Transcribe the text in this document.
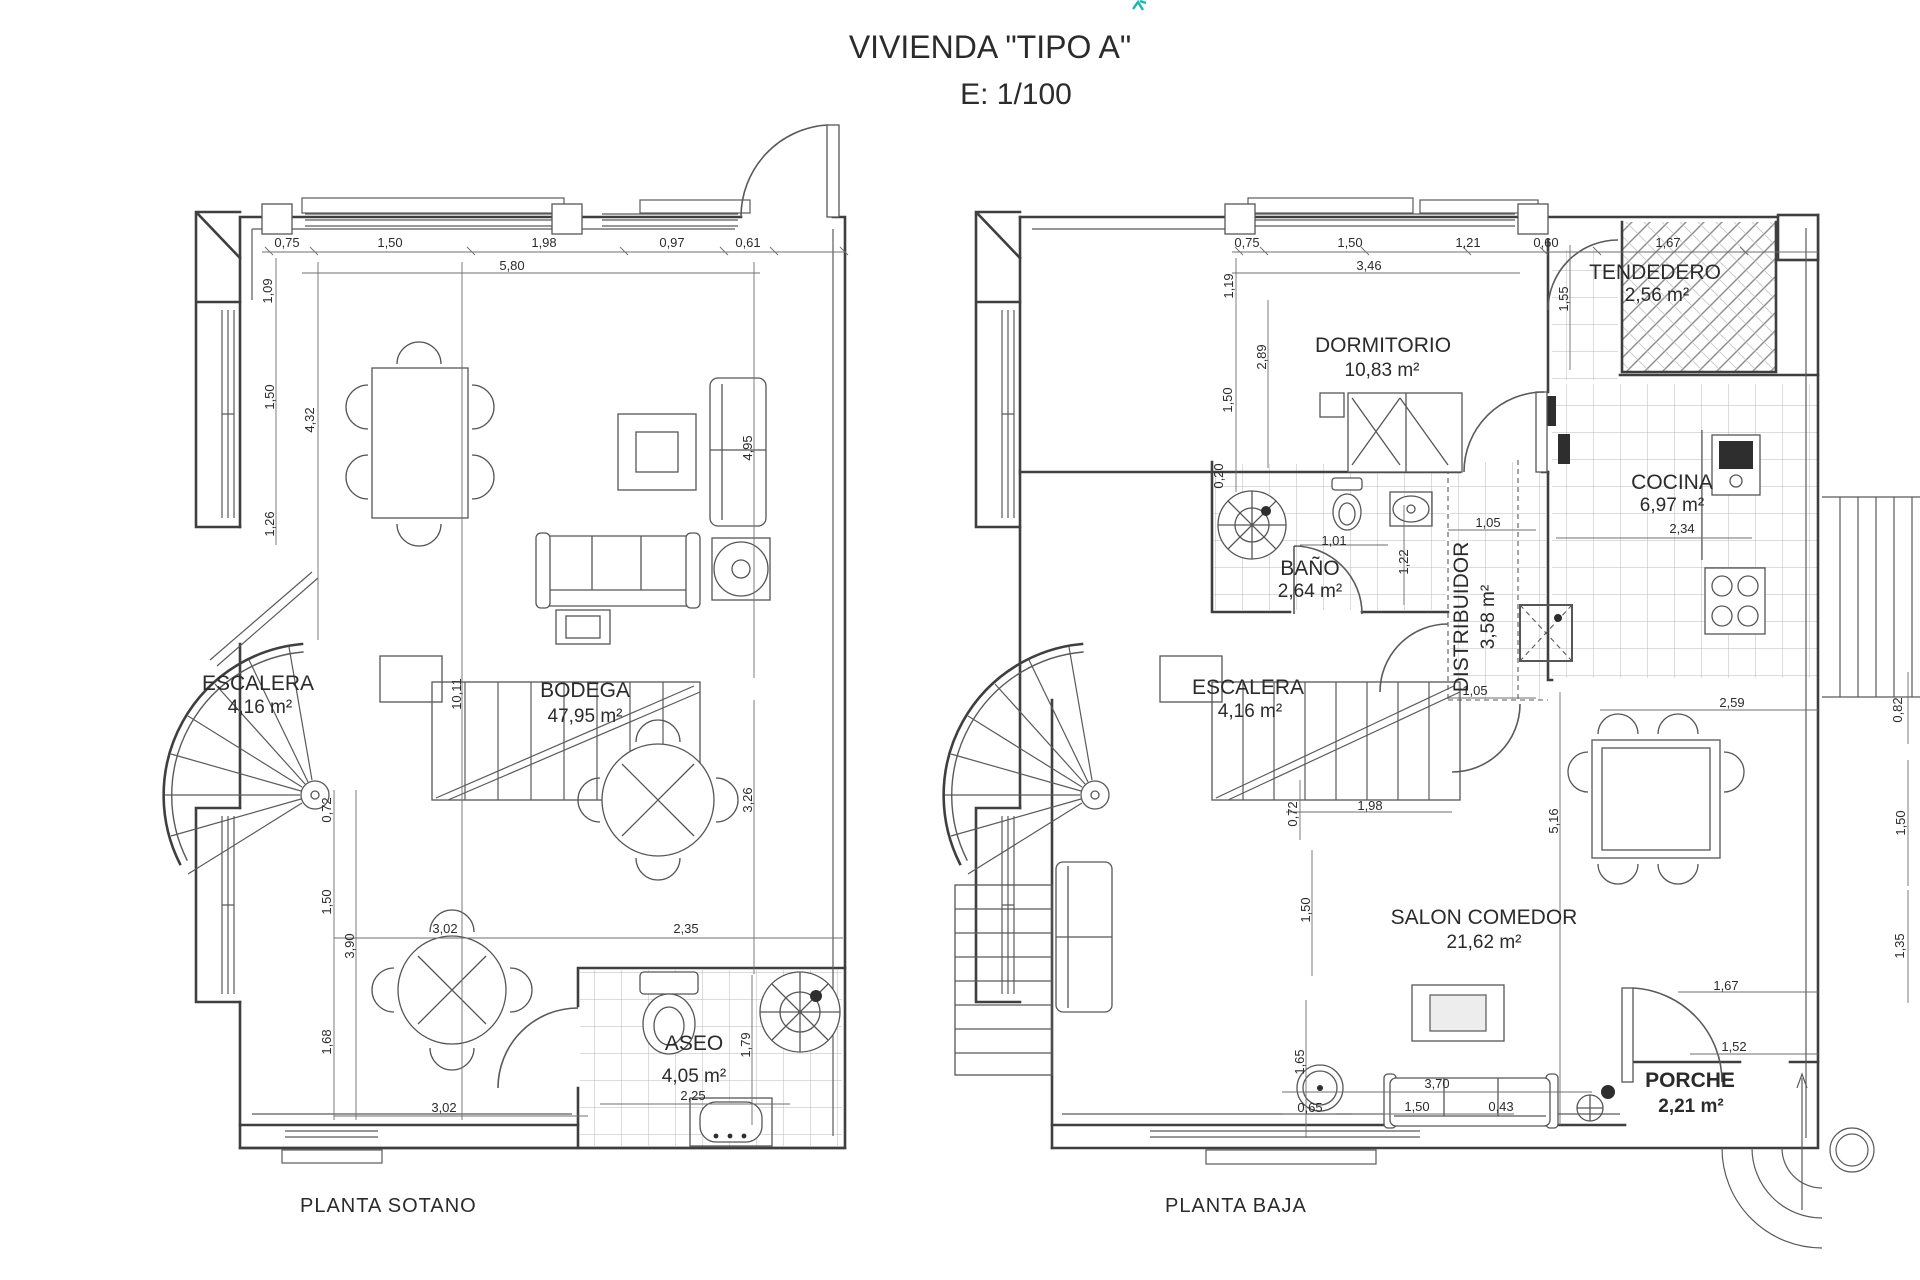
VIVIENDA "TIPO A"
E: 1/100
0,75	1,50	1,98	0,97	0,61
5,80
1,09
1,50
1,26
4,32
10,11
0,72
1,50
3,90
1,68
4,95
3,26
3,02	2,35
3,02
2,25
1,79
ESCALERA
4,16 m²
BODEGA
47,95 m²
ASEO
4,05 m²
PLANTA SOTANO
0,75	1,50	1,21	0,60	1,67
3,46
1,19
2,89
1,50
0,20
1,55
1,01
1,22
1,05	2,34
1,05
2,59	0,82
5,16	1,50
1,35
1,67
1,52
1,98
0,72
1,50
1,65
0,65
3,70
1,50	0,43
DORMITORIO
10,83 m²
TENDEDERO
2,56 m²
COCINA
6,97 m²
BAÑO
2,64 m²	DISTRIBUIDOR 3,58 m²
ESCALERA
4,16 m²
SALON COMEDOR
21,62 m²
PORCHE
2,21 m²
PLANTA BAJA
